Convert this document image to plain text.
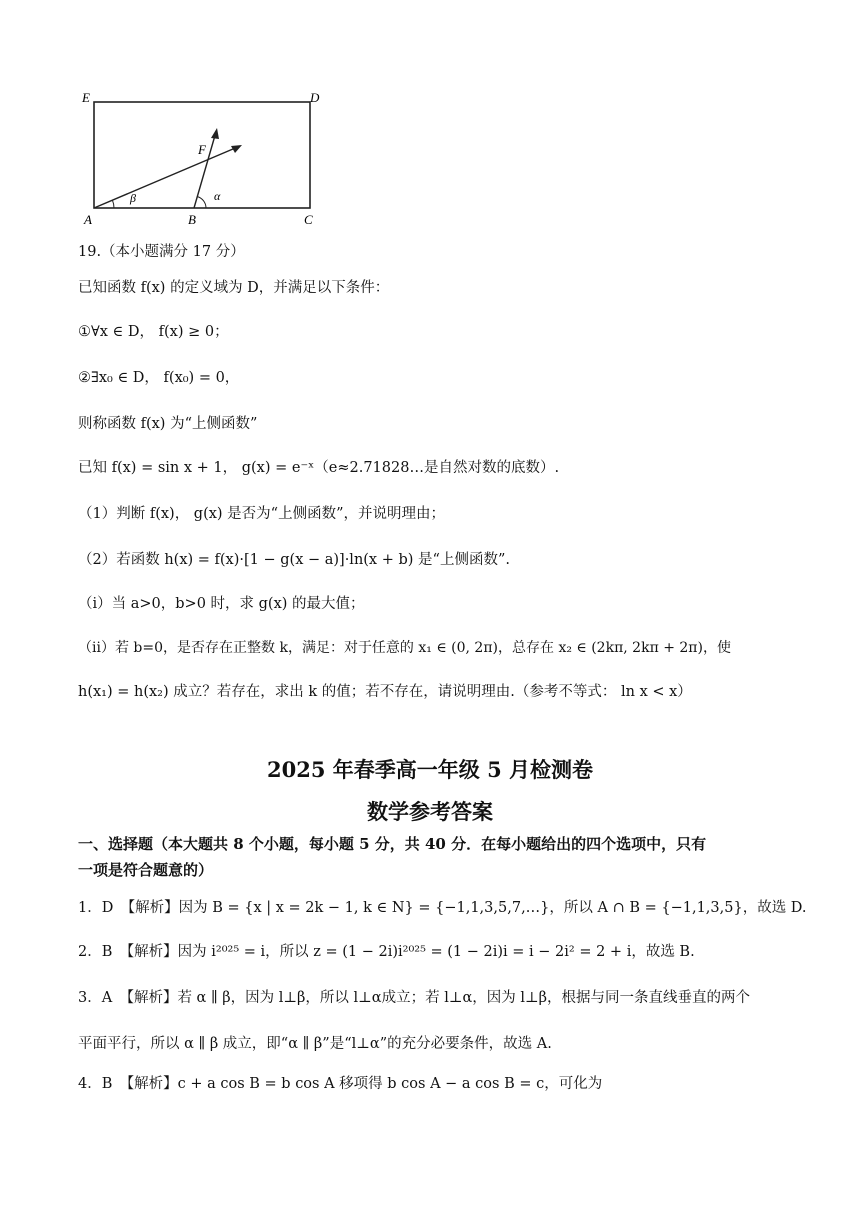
E	D
A	B	C
F
β	α
19.（本小题满分 17 分）
已知函数 f(x) 的定义域为 D，并满足以下条件：
①∀x ∈ D， f(x) ≥ 0；
②∃x₀ ∈ D， f(x₀) = 0，
则称函数 f(x) 为“上侧函数”
已知 f(x) = sin x + 1， g(x) = e⁻ˣ（e≈2.71828…是自然对数的底数）.
（1）判断 f(x)， g(x) 是否为“上侧函数”，并说明理由；
（2）若函数 h(x) = f(x)·[1 − g(x − a)]·ln(x + b) 是“上侧函数”.
（ⅰ）当 a>0，b>0 时，求 g(x) 的最大值；
（ⅱ）若 b=0，是否存在正整数 k，满足：对于任意的 x₁ ∈ (0, 2π)，总存在 x₂ ∈ (2kπ, 2kπ + 2π)，使
h(x₁) = h(x₂) 成立？若存在，求出 k 的值；若不存在，请说明理由.（参考不等式： ln x < x）
2025 年春季高一年级 5 月检测卷
数学参考答案
一、选择题（本大题共 8 个小题，每小题 5 分，共 40 分．在每小题给出的四个选项中，只有
一项是符合题意的）
1．D　【解析】因为 B = {x | x = 2k − 1, k ∈ N} = {−1,1,3,5,7,…}，所以 A ∩ B = {−1,1,3,5}，故选 D.
2．B　【解析】因为 i²⁰²⁵ = i，所以 z = (1 − 2i)i²⁰²⁵ = (1 − 2i)i = i − 2i² = 2 + i，故选 B.
3．A　【解析】若 α ∥ β，因为 l⊥β，所以 l⊥α成立；若 l⊥α，因为 l⊥β，根据与同一条直线垂直的两个
平面平行，所以 α ∥ β 成立，即“α ∥ β”是“l⊥α”的充分必要条件，故选 A.
4．B　【解析】c + a cos B = b cos A 移项得 b cos A − a cos B = c，可化为
